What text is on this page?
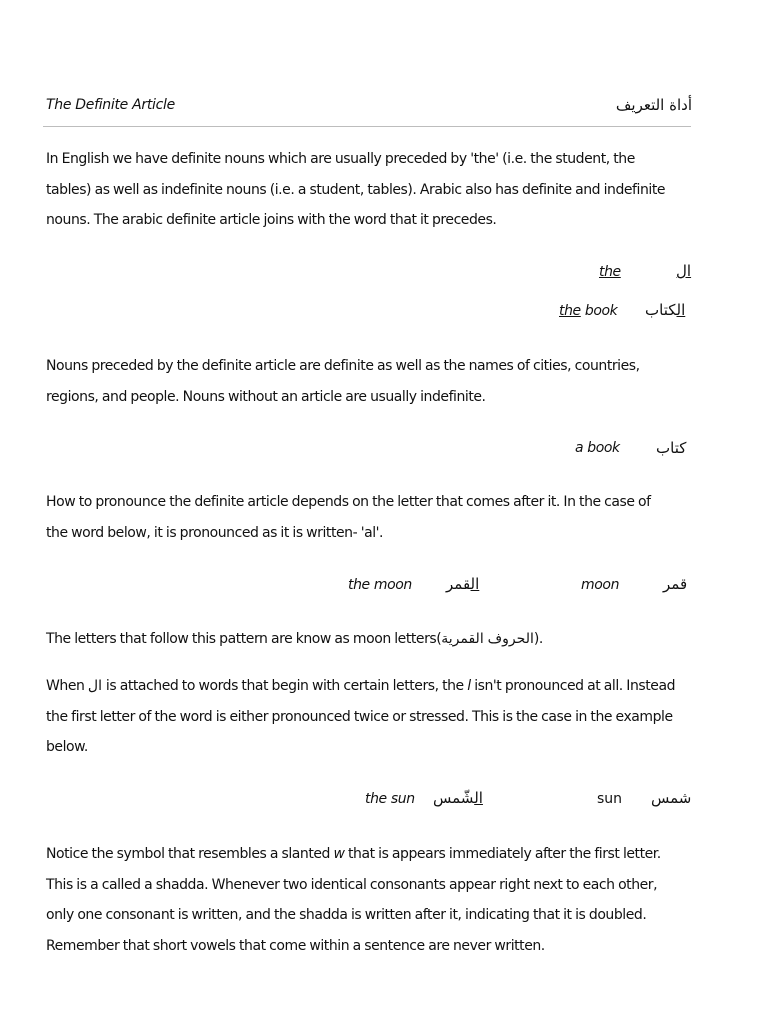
The Definite Article	أداة التعريف

In English we have definite nouns which are usually preceded by 'the' (i.e. the student, the
tables) as well as indefinite nouns (i.e. a student, tables). Arabic also has definite and indefinite
nouns. The arabic definite article joins with the word that it precedes.

the	ال
the book	الكتاب

Nouns preceded by the definite article are definite as well as the names of cities, countries,
regions, and people. Nouns without an article are usually indefinite.

a book كتاب

How to pronounce the definite article depends on the letter that comes after it. In the case of
the word below, it is pronounced as it is written- 'al'.

the moon	القمر	moon	قمر

The letters that follow this pattern are know as moon letters(الحروف القمرية).

When ال is attached to words that begin with certain letters, the l isn't pronounced at all. Instead
the first letter of the word is either pronounced twice or stressed. This is the case in the example
below.

the sun	الشّمس	sun شمس

Notice the symbol that resembles a slanted w that is appears immediately after the first letter.
This is a called a shadda. Whenever two identical consonants appear right next to each other,
only one consonant is written, and the shadda is written after it, indicating that it is doubled.
Remember that short vowels that come within a sentence are never written.
